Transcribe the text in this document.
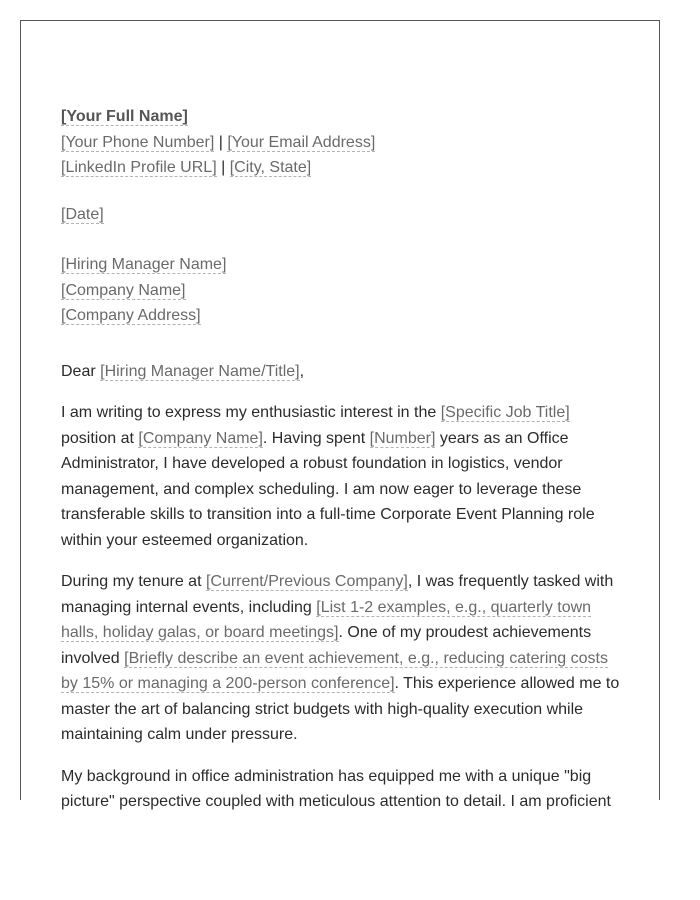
[Your Full Name]
[Your Phone Number] | [Your Email Address]
[LinkedIn Profile URL] | [City, State]
[Date]
[Hiring Manager Name]
[Company Name]
[Company Address]

Dear [Hiring Manager Name/Title],

I am writing to express my enthusiastic interest in the [Specific Job Title] position at [Company Name]. Having spent [Number] years as an Office Administrator, I have developed a robust foundation in logistics, vendor management, and complex scheduling. I am now eager to leverage these transferable skills to transition into a full-time Corporate Event Planning role within your esteemed organization.

During my tenure at [Current/Previous Company], I was frequently tasked with managing internal events, including [List 1-2 examples, e.g., quarterly town halls, holiday galas, or board meetings]. One of my proudest achievements involved [Briefly describe an event achievement, e.g., reducing catering costs by 15% or managing a 200-person conference]. This experience allowed me to master the art of balancing strict budgets with high-quality execution while maintaining calm under pressure.

My background in office administration has equipped me with a unique "big picture" perspective coupled with meticulous attention to detail. I am proficient
